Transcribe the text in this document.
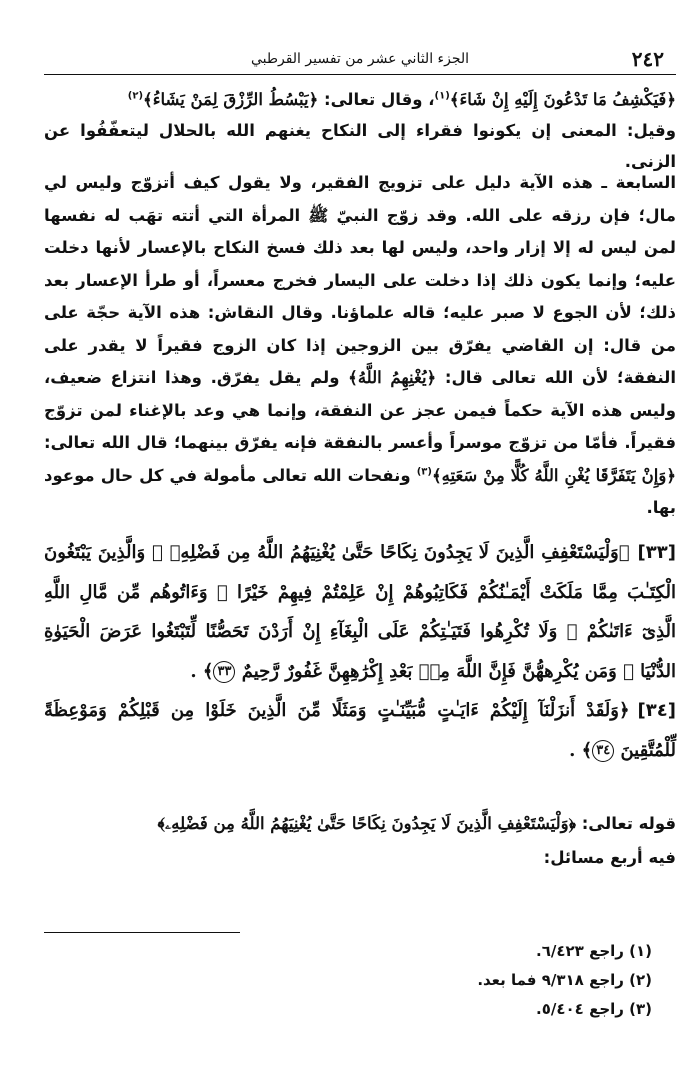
٢٤٢
الجزء الثاني عشر من تفسير القرطبي

﴿فَيَكْشِفُ مَا تَدْعُونَ إِلَيْهِ إِنْ شَاءَ﴾$^{(١)}$، وقال تعالى: ﴿يَبْسُطُ الرِّزْقَ لِمَنْ يَشَاءُ﴾$^{(٢)}$

وقيل: المعنى إن يكونوا فقراء إلى النكاح يغنهم الله بالحلال ليتعفّفُوا عن الزنى.

السابعة ـ هذه الآية دليل على تزويج الفقير، ولا يقول كيف أتزوّج وليس لي مال؛ فإن رزقه على الله. وقد زوّج النبيّ ﷺ المرأة التي أتته تهَب له نفسها لمن ليس له إلا إزار واحد، وليس لها بعد ذلك فسخ النكاح بالإعسار لأنها دخلت عليه؛ وإنما يكون ذلك إذا دخلت على اليسار فخرج معسراً، أو طرأ الإعسار بعد ذلك؛ لأن الجوع لا صبر عليه؛ قاله علماؤنا. وقال النقاش: هذه الآية حجّة على من قال: إن القاضي يفرّق بين الزوجين إذا كان الزوج فقيراً لا يقدر على النفقة؛ لأن الله تعالى قال: ﴿يُغْنِهِمُ اللَّهُ﴾ ولم يقل يفرّق. وهذا انتزاع ضعيف، وليس هذه الآية حكماً فيمن عجز عن النفقة، وإنما هي وعد بالإغناء لمن تزوّج فقيراً. فأمّا من تزوّج موسراً وأعسر بالنفقة فإنه يفرّق بينهما؛ قال الله تعالى: ﴿وَإِنْ يَتَفَرَّقَا يُغْنِ اللَّهُ كُلًّا مِنْ سَعَتِهِ﴾$^{(٣)}$ ونفحات الله تعالى مأمولة في كل حال موعود بها.

[٣٣]﴿وَلْيَسْتَعْفِفِ الَّذِينَ لَا يَجِدُونَ نِكَاحًا حَتَّىٰ يُغْنِيَهُمُ اللَّهُ مِن فَضْلِهِۦ ۗ وَالَّذِينَ يَبْتَغُونَ الْكِتَـٰبَ مِمَّا مَلَكَتْ أَيْمَـٰنُكُمْ فَكَاتِبُوهُمْ إِنْ عَلِمْتُمْ فِيهِمْ خَيْرًا ۖ وَءَاتُوهُم مِّن مَّالِ اللَّهِ الَّذِىٓ ءَاتَىٰكُمْ ۚ وَلَا تُكْرِهُوا فَتَيَـٰتِكُمْ عَلَى الْبِغَآءِ إِنْ أَرَدْنَ تَحَصُّنًا لِّتَبْتَغُوا عَرَضَ الْحَيَوٰةِ الدُّنْيَا ۚ وَمَن يُكْرِههُّنَّ فَإِنَّ اللَّهَ مِنۢ بَعْدِ إِكْرَٰهِهِنَّ غَفُورٌ رَّحِيمٌ ٣٣﴾ .

[٣٤]﴿وَلَقَدْ أَنزَلْنَآ إِلَيْكُمْ ءَايَـٰتٍ مُّبَيِّنَـٰتٍ وَمَثَلًا مِّنَ الَّذِينَ خَلَوْا مِن قَبْلِكُمْ وَمَوْعِظَةً لِّلْمُتَّقِينَ ٣٤﴾ .

قوله تعالى: ﴿وَلْيَسْتَعْفِفِ الَّذِينَ لَا يَجِدُونَ نِكَاحًا حَتَّىٰ يُغْنِيَهُمُ اللَّهُ مِن فَضْلِهِۦ﴾

فيه أربع مسائل:

(١) راجع ٦/٤٢٣.
(٢) راجع ٩/٣١٨ فما بعد.
(٣) راجع ٥/٤٠٤.
